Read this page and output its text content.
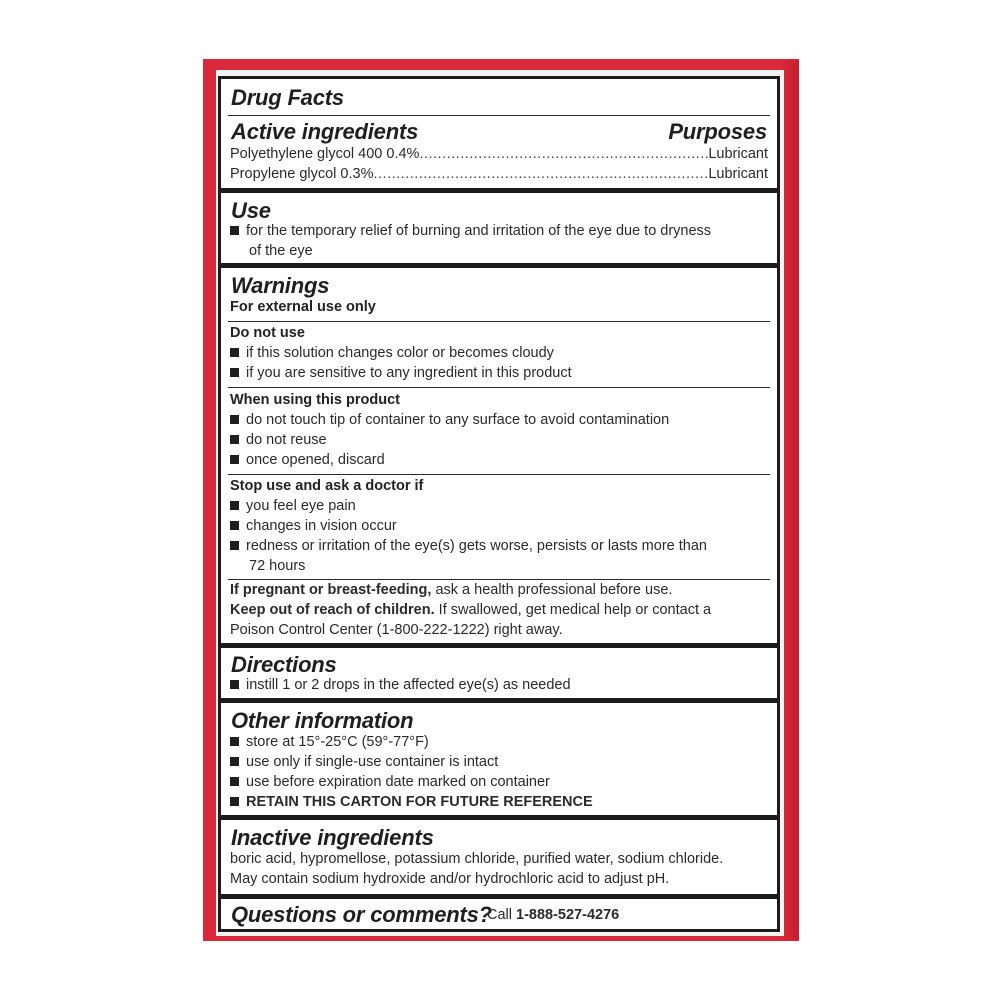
Drug Facts
Active ingredients	Purposes
Polyethylene glycol 400 0.4% .....	Lubricant
Propylene glycol 0.3% .....	Lubricant
Use
for the temporary relief of burning and irritation of the eye due to dryness
of the eye
Warnings
For external use only
Do not use
if this solution changes color or becomes cloudy
if you are sensitive to any ingredient in this product
When using this product
do not touch tip of container to any surface to avoid contamination
do not reuse
once opened, discard
Stop use and ask a doctor if
you feel eye pain
changes in vision occur
redness or irritation of the eye(s) gets worse, persists or lasts more than
72 hours
If pregnant or breast-feeding, ask a health professional before use.
Keep out of reach of children. If swallowed, get medical help or contact a
Poison Control Center (1-800-222-1222) right away.
Directions
instill 1 or 2 drops in the affected eye(s) as needed
Other information
store at 15°-25°C (59°-77°F)
use only if single-use container is intact
use before expiration date marked on container
RETAIN THIS CARTON FOR FUTURE REFERENCE
Inactive ingredients
boric acid, hypromellose, potassium chloride, purified water, sodium chloride.
May contain sodium hydroxide and/or hydrochloric acid to adjust pH.
Questions or comments?
Call 1-888-527-4276
